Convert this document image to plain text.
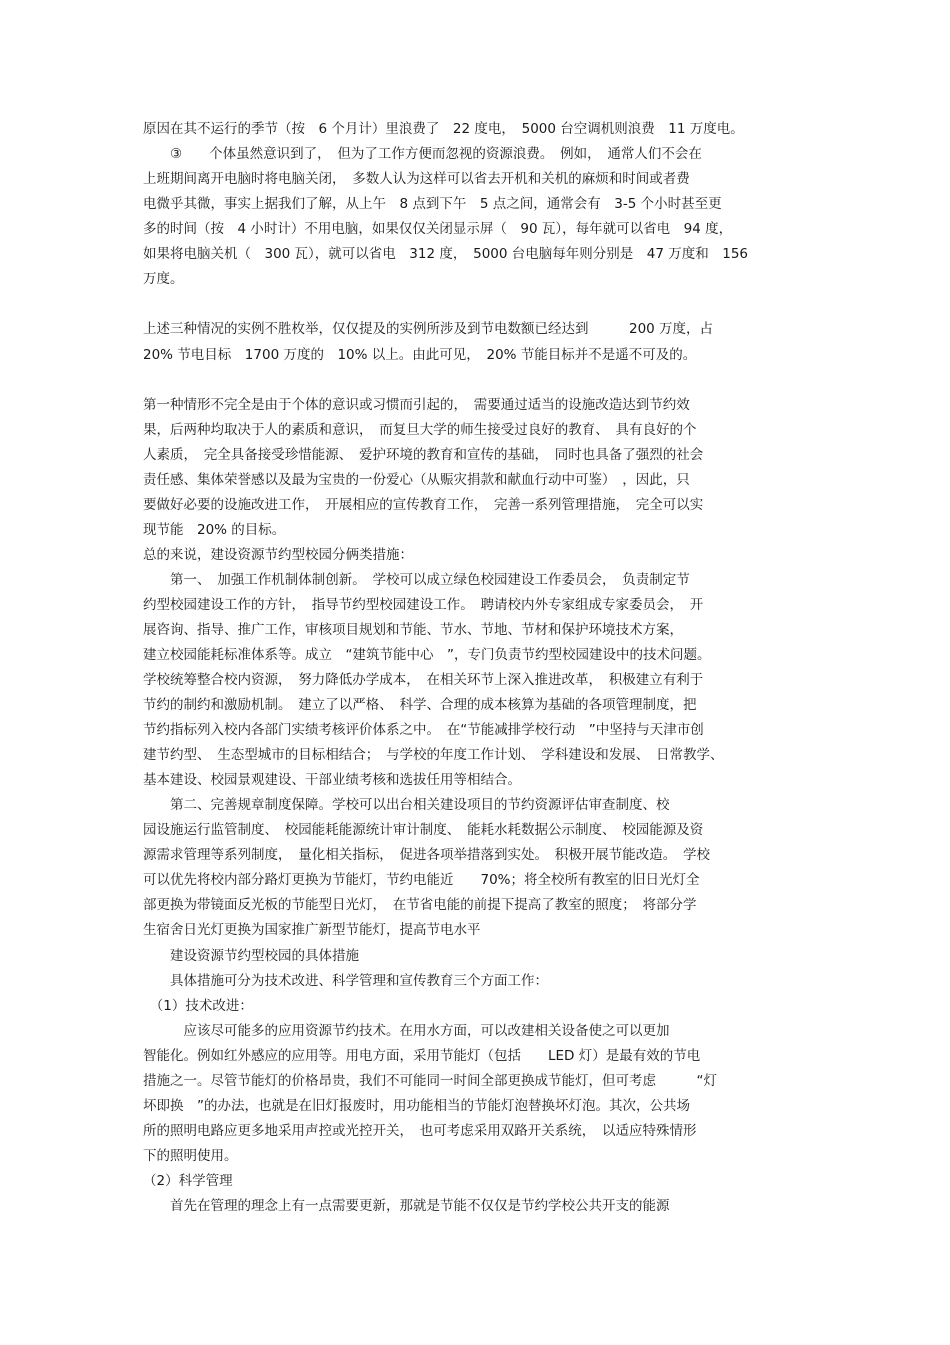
原因在其不运行的季节（按　6 个月计）里浪费了　22 度电，　5000 台空调机则浪费　11 万度电。
　　③　　个体虽然意识到了，　但为了工作方便而忽视的资源浪费。　例如，　通常人们不会在
上班期间离开电脑时将电脑关闭，　多数人认为这样可以省去开机和关机的麻烦和时间或者费
电微乎其微，事实上据我们了解，从上午　8 点到下午　5 点之间，通常会有　3-5 个小时甚至更
多的时间（按　4 小时计）不用电脑，如果仅仅关闭显示屏（　90 瓦），每年就可以省电　94 度，
如果将电脑关机（　300 瓦），就可以省电　312 度，　5000 台电脑每年则分别是　47 万度和　156
万度。
上述三种情况的实例不胜枚举，仅仅提及的实例所涉及到节电数额已经达到　　　200 万度，占
20% 节电目标　1700 万度的　10% 以上。由此可见，　20% 节能目标并不是遥不可及的。
第一种情形不完全是由于个体的意识或习惯而引起的，　需要通过适当的设施改造达到节约效
果，后两种均取决于人的素质和意识，　而复旦大学的师生接受过良好的教育、　具有良好的个
人素质，　完全具备接受珍惜能源、　爱护环境的教育和宣传的基础，　同时也具备了强烈的社会
责任感、集体荣誉感以及最为宝贵的一份爱心（从赈灾捐款和献血行动中可鉴）　，因此，只
要做好必要的设施改进工作，　开展相应的宣传教育工作，　完善一系列管理措施，　完全可以实
现节能　20% 的目标。
总的来说，建设资源节约型校园分俩类措施：
　　第一、　加强工作机制体制创新。　学校可以成立绿色校园建设工作委员会，　负责制定节
约型校园建设工作的方针，　指导节约型校园建设工作。　聘请校内外专家组成专家委员会，　开
展咨询、指导、推广工作，审核项目规划和节能、节水、节地、节材和保护环境技术方案，
建立校园能耗标准体系等。成立　“建筑节能中心　”，专门负责节约型校园建设中的技术问题。
学校统筹整合校内资源，　努力降低办学成本，　在相关环节上深入推进改革，　积极建立有利于
节约的制约和激励机制。　建立了以严格、　科学、合理的成本核算为基础的各项管理制度，把
节约指标列入校内各部门实绩考核评价体系之中。　在“节能减排学校行动　”中坚持与天津市创
建节约型、　生态型城市的目标相结合；　与学校的年度工作计划、　学科建设和发展、　日常教学、
基本建设、校园景观建设、干部业绩考核和选拔任用等相结合。
　　第二、完善规章制度保障。学校可以出台相关建设项目的节约资源评估审查制度、校
园设施运行监管制度、　校园能耗能源统计审计制度、　能耗水耗数据公示制度、　校园能源及资
源需求管理等系列制度，　量化相关指标，　促进各项举措落到实处。　积极开展节能改造。　学校
可以优先将校内部分路灯更换为节能灯，节约电能近　　70%；将全校所有教室的旧日光灯全
部更换为带镜面反光板的节能型日光灯，　在节省电能的前提下提高了教室的照度；　将部分学
生宿舍日光灯更换为国家推广新型节能灯，提高节电水平
　　建设资源节约型校园的具体措施
　　具体措施可分为技术改进、科学管理和宣传教育三个方面工作：
　（1）技术改进：
　　　应该尽可能多的应用资源节约技术。在用水方面，可以改建相关设备使之可以更加
智能化。例如红外感应的应用等。用电方面，采用节能灯（包括　　LED 灯）是最有效的节电
措施之一。尽管节能灯的价格昂贵，我们不可能同一时间全部更换成节能灯，但可考虑　　　“灯
坏即换　”的办法，也就是在旧灯报废时，用功能相当的节能灯泡替换坏灯泡。其次，公共场
所的照明电路应更多地采用声控或光控开关，　也可考虑采用双路开关系统，　以适应特殊情形
下的照明使用。
（2）科学管理
　　首先在管理的理念上有一点需要更新，那就是节能不仅仅是节约学校公共开支的能源
